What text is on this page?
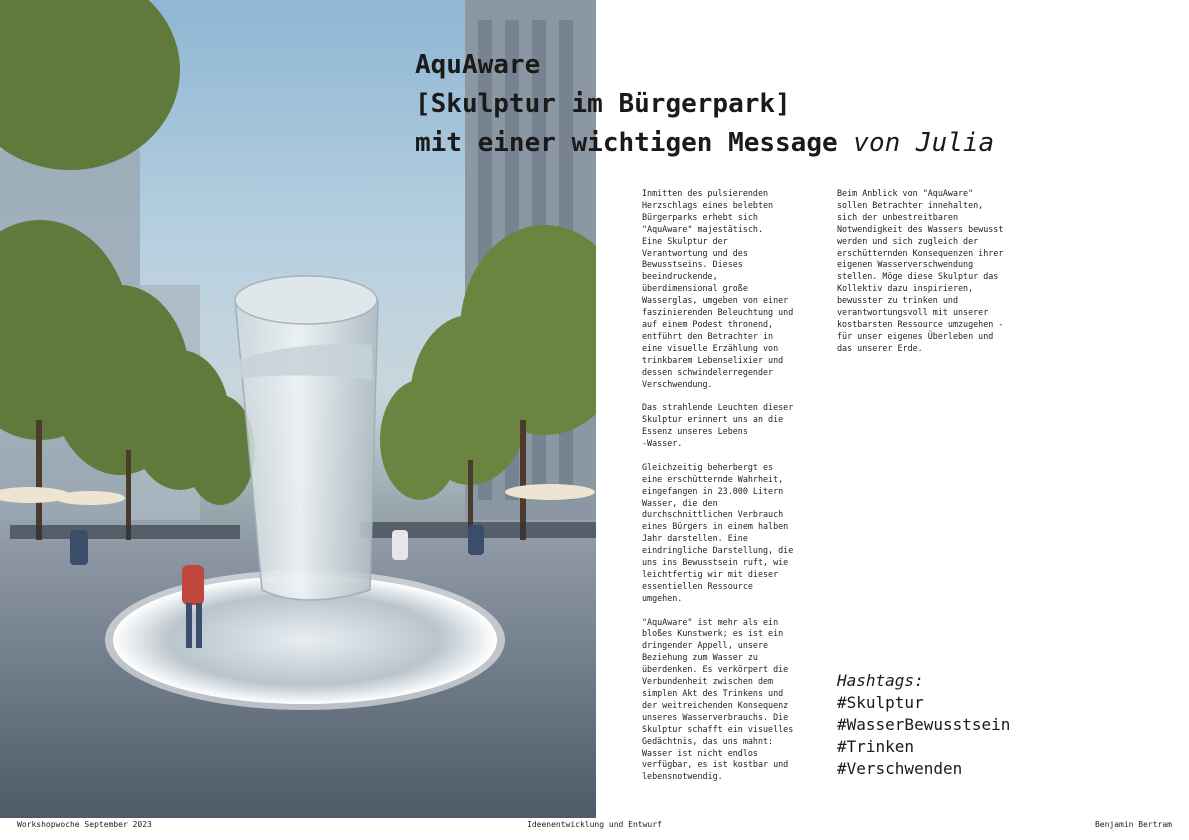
AquAware
[Skulptur im Bürgerpark]
mit einer wichtigen Message von Julia

Inmitten des pulsierenden
Herzschlags eines belebten
Bürgerparks erhebt sich
"AquAware" majestätisch.
Eine Skulptur der
Verantwortung und des
Bewusstseins. Dieses
beeindruckende,
überdimensional große
Wasserglas, umgeben von einer
faszinierenden Beleuchtung und
auf einem Podest thronend,
entführt den Betrachter in
eine visuelle Erzählung von
trinkbarem Lebenselixier und
dessen schwindelerregender
Verschwendung.

Das strahlende Leuchten dieser
Skulptur erinnert uns an die
Essenz unseres Lebens
-Wasser.

Gleichzeitig beherbergt es
eine erschütternde Wahrheit,
eingefangen in 23.000 Litern
Wasser, die den
durchschnittlichen Verbrauch
eines Bürgers in einem halben
Jahr darstellen. Eine
eindringliche Darstellung, die
uns ins Bewusstsein ruft, wie
leichtfertig wir mit dieser
essentiellen Ressource
umgehen.

"AquAware" ist mehr als ein
bloßes Kunstwerk; es ist ein
dringender Appell, unsere
Beziehung zum Wasser zu
überdenken. Es verkörpert die
Verbundenheit zwischen dem
simplen Akt des Trinkens und
der weitreichenden Konsequenz
unseres Wasserverbrauchs. Die
Skulptur schafft ein visuelles
Gedächtnis, das uns mahnt:
Wasser ist nicht endlos
verfügbar, es ist kostbar und
lebensnotwendig.

Beim Anblick von "AquAware"
sollen Betrachter innehalten,
sich der unbestreitbaren
Notwendigkeit des Wassers bewusst
werden und sich zugleich der
erschütternden Konsequenzen ihrer
eigenen Wasserverschwendung
stellen. Möge diese Skulptur das
Kollektiv dazu inspirieren,
bewusster zu trinken und
verantwortungsvoll mit unserer
kostbarsten Ressource umzugehen -
für unser eigenes Überleben und
das unserer Erde.

Hashtags:
#Skulptur
#WasserBewusstsein
#Trinken
#Verschwenden
Workshopwoche September 2023	Ideenentwicklung und Entwurf	Benjamin Bertram
